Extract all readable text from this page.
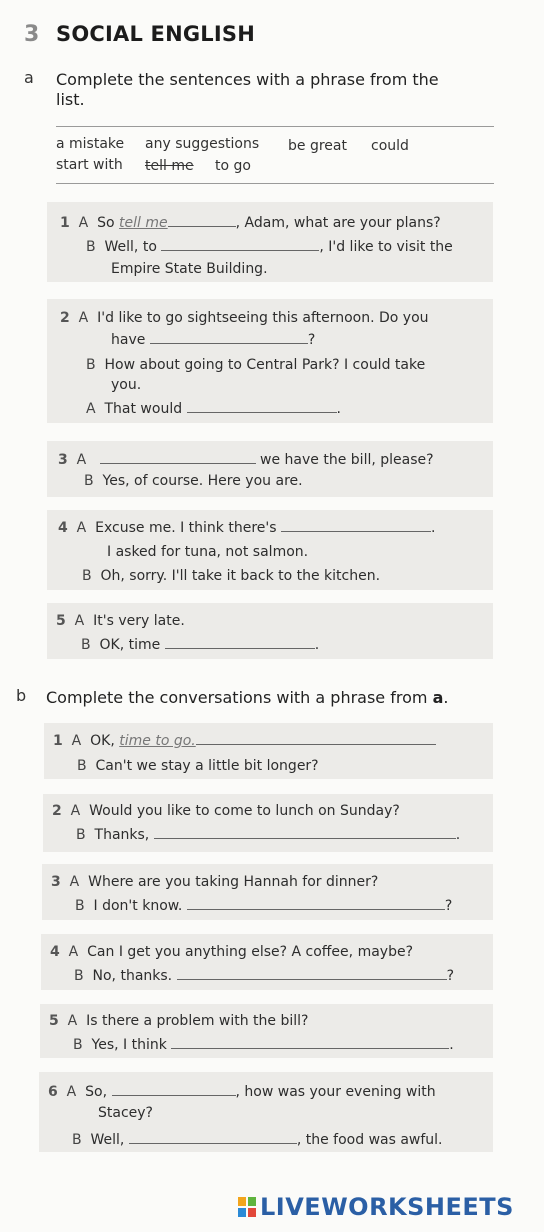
3 SOCIAL ENGLISH
a Complete the sentences with a phrase from the
list.
a mistake any suggestions be great could
start with tell me to go
1 A So tell me	, Adam, what are your plans?
B Well, to	, I'd like to visit the
Empire State Building.
2 A I'd like to go sightseeing this afternoon. Do you
have	?
B How about going to Central Park? I could take
you.
A That would	.
3 A	we have the bill, please?
B Yes, of course. Here you are.
4 A Excuse me. I think there's	.
I asked for tuna, not salmon.
B Oh, sorry. I'll take it back to the kitchen.
5 A It's very late.
B OK, time	.
b Complete the conversations with a phrase from a.
1 A OK, time to go.
B Can't we stay a little bit longer?
2 A Would you like to come to lunch on Sunday?
B Thanks,	.
3 A Where are you taking Hannah for dinner?
B I don't know.	?
4 A Can I get you anything else? A coffee, maybe?
B No, thanks.	?
5 A Is there a problem with the bill?
B Yes, I think	.
6 A So,	, how was your evening with
Stacey?
B Well,	, the food was awful.
LIVEWORKSHEETS
